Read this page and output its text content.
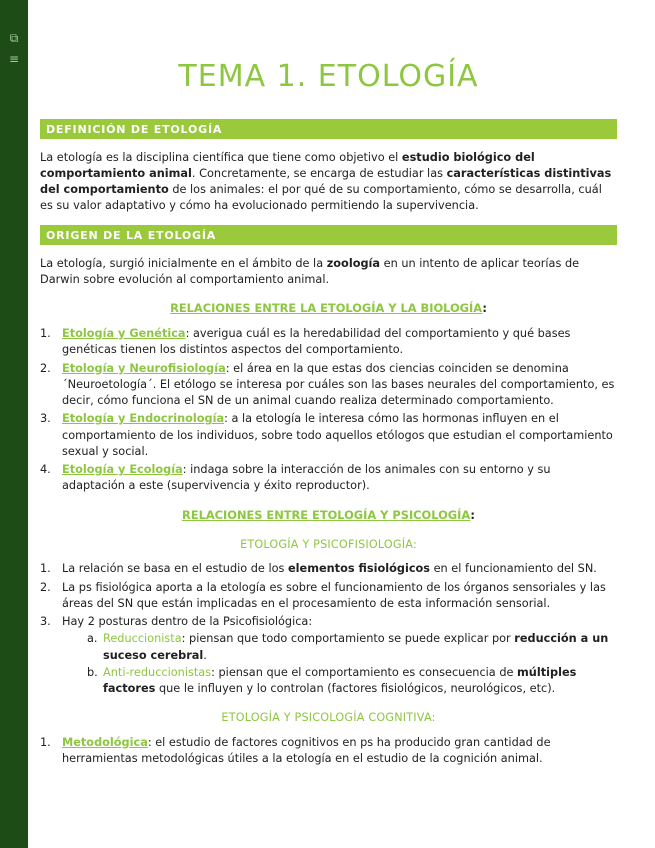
⧉
≡	TEMA 1. ETOLOGÍA
DEFINICIÓN DE ETOLOGÍA

La etología es la disciplina científica que tiene como objetivo el estudio biológico del comportamiento animal. Concretamente, se encarga de estudiar las características distintivas del comportamiento de los animales: el por qué de su comportamiento, cómo se desarrolla, cuál es su valor adaptativo y cómo ha evolucionado permitiendo la supervivencia.

ORIGEN DE LA ETOLOGÍA

La etología, surgió inicialmente en el ámbito de la zoología en un intento de aplicar teorías de Darwin sobre evolución al comportamiento animal.

RELACIONES ENTRE LA ETOLOGÍA Y LA BIOLOGÍA:
1. Etología y Genética: averigua cuál es la heredabilidad del comportamiento y qué bases genéticas tienen los distintos aspectos del comportamiento.
2. Etología y Neurofisiología: el área en la que estas dos ciencias coinciden se denomina ´Neuroetología´. El etólogo se interesa por cuáles son las bases neurales del comportamiento, es decir, cómo funciona el SN de un animal cuando realiza determinado comportamiento.
3. Etología y Endocrinología: a la etología le interesa cómo las hormonas influyen en el comportamiento de los individuos, sobre todo aquellos etólogos que estudian el comportamiento sexual y social.
4. Etología y Ecología: indaga sobre la interacción de los animales con su entorno y su adaptación a este (supervivencia y éxito reproductor).
RELACIONES ENTRE ETOLOGÍA Y PSICOLOGÍA:
ETOLOGÍA Y PSICOFISIOLOGÍA:
1. La relación se basa en el estudio de los elementos fisiológicos en el funcionamiento del SN.
2. La ps fisiológica aporta a la etología es sobre el funcionamiento de los órganos sensoriales y las áreas del SN que están implicadas en el procesamiento de esta información sensorial.
3. Hay 2 posturas dentro de la Psicofisiológica:
a. Reduccionista: piensan que todo comportamiento se puede explicar por reducción a un suceso cerebral.
b. Anti-reduccionistas: piensan que el comportamiento es consecuencia de múltiples factores que le influyen y lo controlan (factores fisiológicos, neurológicos, etc).
ETOLOGÍA Y PSICOLOGÍA COGNITIVA:
1. Metodológica: el estudio de factores cognitivos en ps ha producido gran cantidad de herramientas metodológicas útiles a la etología en el estudio de la cognición animal.
